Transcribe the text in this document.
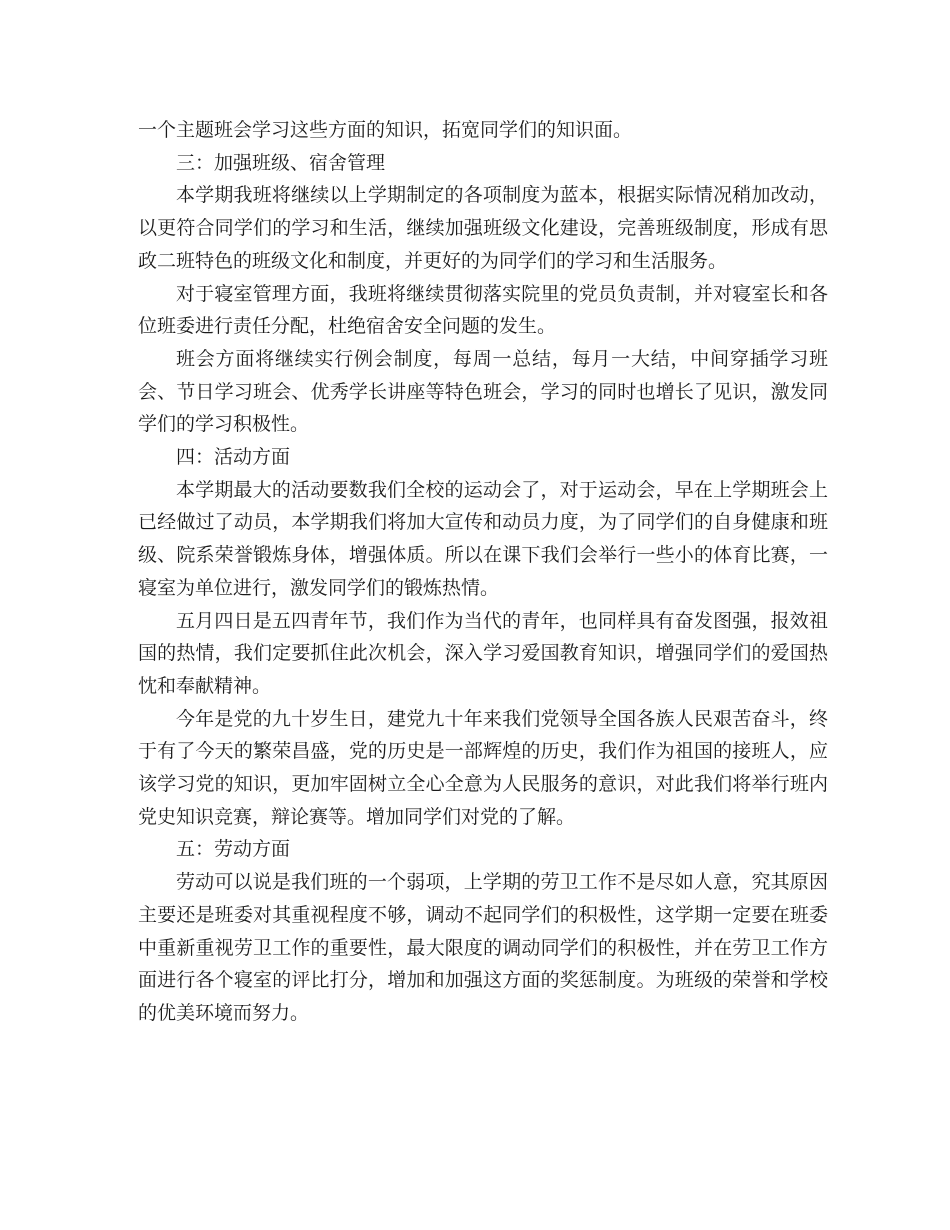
一个主题班会学习这些方面的知识，拓宽同学们的知识面。

三：加强班级、宿舍管理

本学期我班将继续以上学期制定的各项制度为蓝本，根据实际情况稍加改动，以更符合同学们的学习和生活，继续加强班级文化建设，完善班级制度，形成有思政二班特色的班级文化和制度，并更好的为同学们的学习和生活服务。

对于寝室管理方面，我班将继续贯彻落实院里的党员负责制，并对寝室长和各位班委进行责任分配，杜绝宿舍安全问题的发生。

班会方面将继续实行例会制度，每周一总结，每月一大结，中间穿插学习班会、节日学习班会、优秀学长讲座等特色班会，学习的同时也增长了见识，激发同学们的学习积极性。

四：活动方面

本学期最大的活动要数我们全校的运动会了，对于运动会，早在上学期班会上已经做过了动员，本学期我们将加大宣传和动员力度，为了同学们的自身健康和班级、院系荣誉锻炼身体，增强体质。所以在课下我们会举行一些小的体育比赛，一寝室为单位进行，激发同学们的锻炼热情。

五月四日是五四青年节，我们作为当代的青年，也同样具有奋发图强，报效祖国的热情，我们定要抓住此次机会，深入学习爱国教育知识，增强同学们的爱国热忱和奉献精神。

今年是党的九十岁生日，建党九十年来我们党领导全国各族人民艰苦奋斗，终于有了今天的繁荣昌盛，党的历史是一部辉煌的历史，我们作为祖国的接班人，应该学习党的知识，更加牢固树立全心全意为人民服务的意识，对此我们将举行班内党史知识竞赛，辩论赛等。增加同学们对党的了解。

五：劳动方面

劳动可以说是我们班的一个弱项，上学期的劳卫工作不是尽如人意，究其原因主要还是班委对其重视程度不够，调动不起同学们的积极性，这学期一定要在班委中重新重视劳卫工作的重要性，最大限度的调动同学们的积极性，并在劳卫工作方面进行各个寝室的评比打分，增加和加强这方面的奖惩制度。为班级的荣誉和学校的优美环境而努力。
